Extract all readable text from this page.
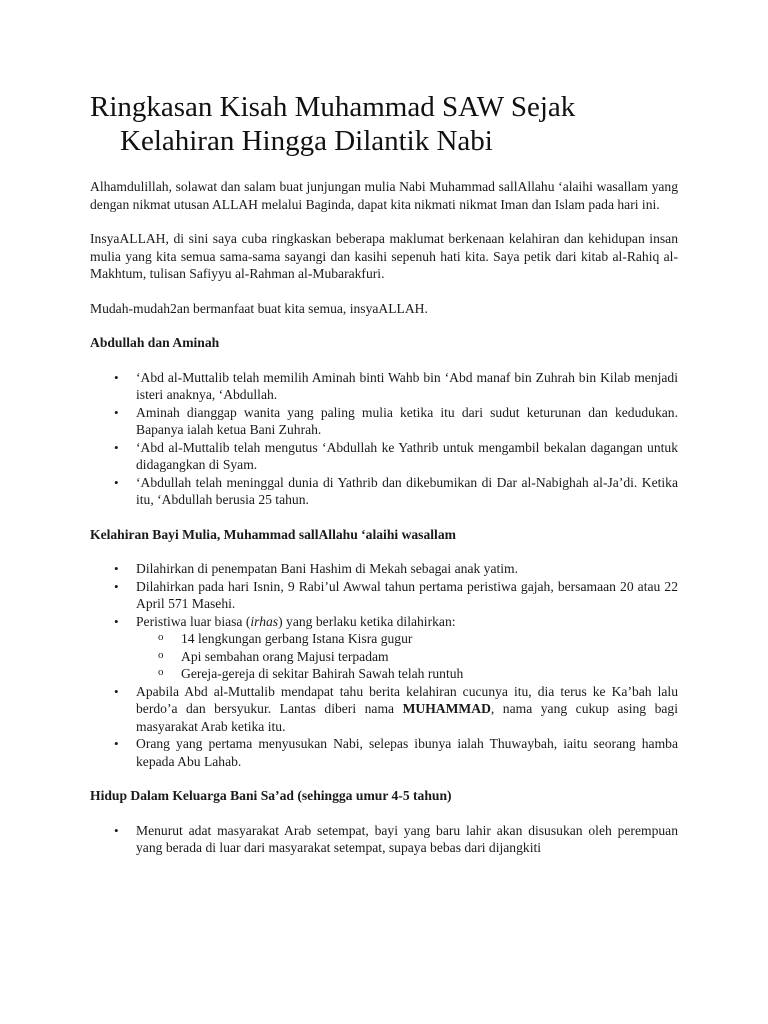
Ringkasan Kisah Muhammad SAW Sejak Kelahiran Hingga Dilantik Nabi

Alhamdulillah, solawat dan salam buat junjungan mulia Nabi Muhammad sallAllahu ‘alaihi wasallam yang dengan nikmat utusan ALLAH melalui Baginda, dapat kita nikmati nikmat Iman dan Islam pada hari ini.

InsyaALLAH, di sini saya cuba ringkaskan beberapa maklumat berkenaan kelahiran dan kehidupan insan mulia yang kita semua sama-sama sayangi dan kasihi sepenuh hati kita. Saya petik dari kitab al-Rahiq al-Makhtum, tulisan Safiyyu al-Rahman al-Mubarakfuri.

Mudah-mudah2an bermanfaat buat kita semua, insyaALLAH.

Abdullah dan Aminah
• ‘Abd al-Muttalib telah memilih Aminah binti Wahb bin ‘Abd manaf bin Zuhrah bin Kilab menjadi isteri anaknya, ‘Abdullah.
• Aminah dianggap wanita yang paling mulia ketika itu dari sudut keturunan dan kedudukan. Bapanya ialah ketua Bani Zuhrah.
• ‘Abd al-Muttalib telah mengutus ‘Abdullah ke Yathrib untuk mengambil bekalan dagangan untuk didagangkan di Syam.
• ‘Abdullah telah meninggal dunia di Yathrib dan dikebumikan di Dar al-Nabighah al-Ja’di. Ketika itu, ‘Abdullah berusia 25 tahun.
Kelahiran Bayi Mulia, Muhammad sallAllahu ‘alaihi wasallam
• Dilahirkan di penempatan Bani Hashim di Mekah sebagai anak yatim.
• Dilahirkan pada hari Isnin, 9 Rabi’ul Awwal tahun pertama peristiwa gajah, bersamaan 20 atau 22 April 571 Masehi.
• Peristiwa luar biasa (irhas) yang berlaku ketika dilahirkan:
o 14 lengkungan gerbang Istana Kisra gugur
o Api sembahan orang Majusi terpadam
o Gereja-gereja di sekitar Bahirah Sawah telah runtuh
• Apabila Abd al-Muttalib mendapat tahu berita kelahiran cucunya itu, dia terus ke Ka’bah lalu berdo’a dan bersyukur. Lantas diberi nama MUHAMMAD, nama yang cukup asing bagi masyarakat Arab ketika itu.
• Orang yang pertama menyusukan Nabi, selepas ibunya ialah Thuwaybah, iaitu seorang hamba kepada Abu Lahab.
Hidup Dalam Keluarga Bani Sa’ad (sehingga umur 4-5 tahun)
• Menurut adat masyarakat Arab setempat, bayi yang baru lahir akan disusukan oleh perempuan yang berada di luar dari masyarakat setempat, supaya bebas dari dijangkiti
